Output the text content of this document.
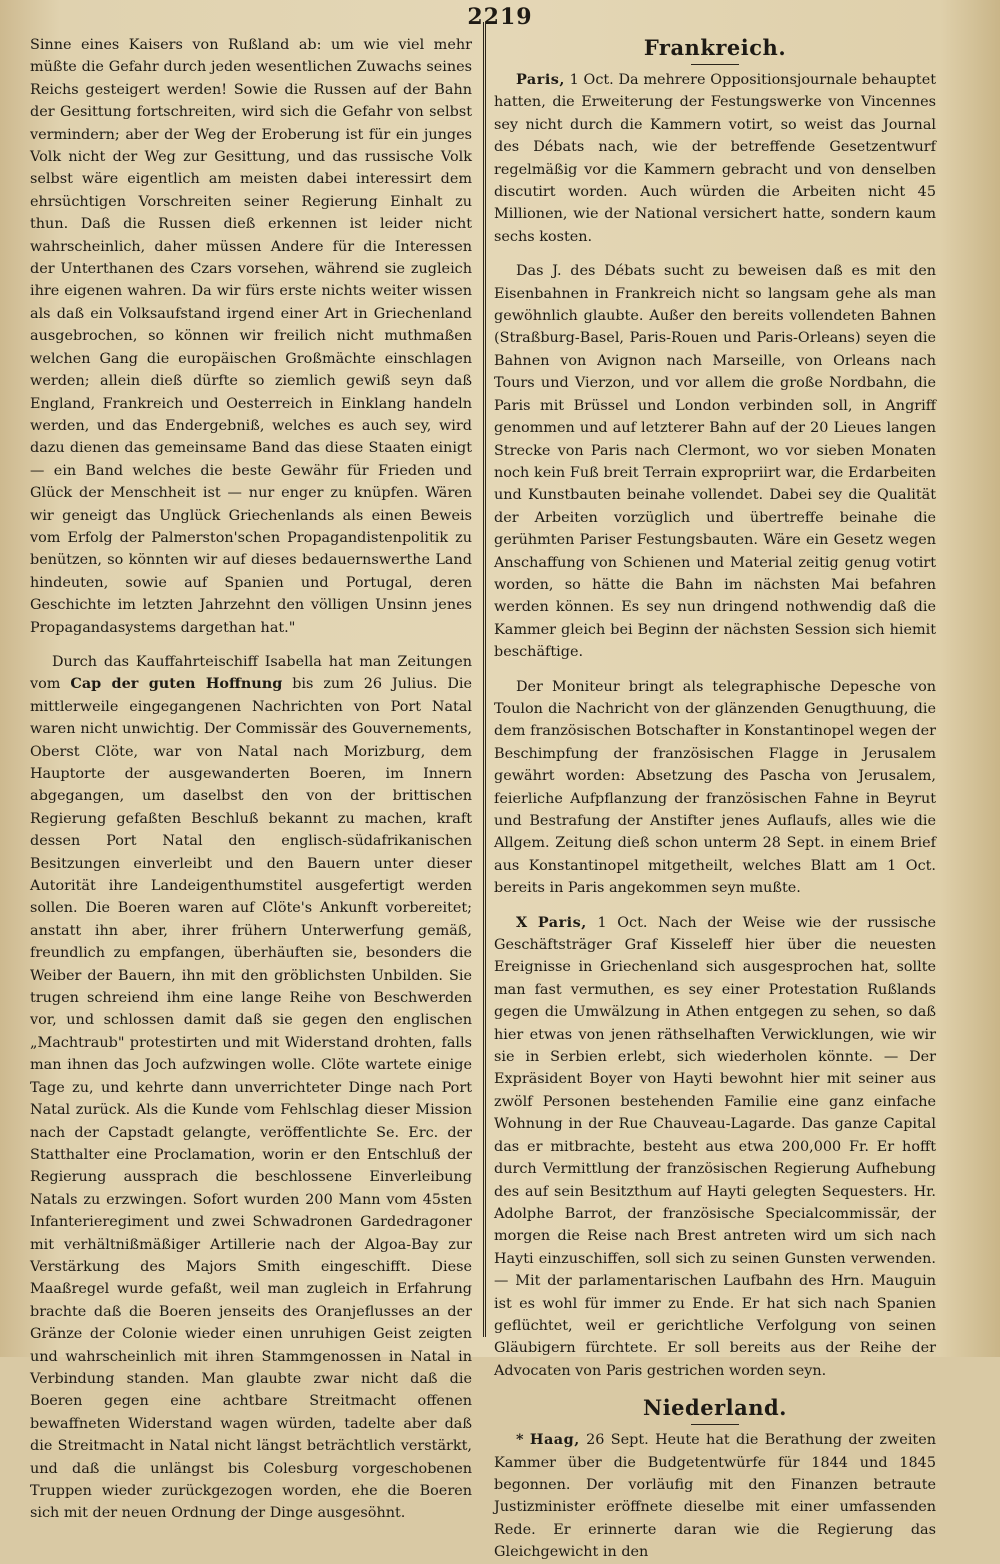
2219

Sinne eines Kaisers von Rußland ab: um wie viel mehr müßte die Gefahr durch jeden wesentlichen Zuwachs seines Reichs gesteigert werden! Sowie die Russen auf der Bahn der Gesittung fortschreiten, wird sich die Gefahr von selbst vermindern; aber der Weg der Eroberung ist für ein junges Volk nicht der Weg zur Gesittung, und das russische Volk selbst wäre eigentlich am meisten dabei interessirt dem ehrsüchtigen Vorschreiten seiner Regierung Einhalt zu thun. Daß die Russen dieß erkennen ist leider nicht wahrscheinlich, daher müssen Andere für die Interessen der Unterthanen des Czars vorsehen, während sie zugleich ihre eigenen wahren. Da wir fürs erste nichts weiter wissen als daß ein Volksaufstand irgend einer Art in Griechenland ausgebrochen, so können wir freilich nicht muthmaßen welchen Gang die europäischen Großmächte einschlagen werden; allein dieß dürfte so ziemlich gewiß seyn daß England, Frankreich und Oesterreich in Einklang handeln werden, und das Endergebniß, welches es auch sey, wird dazu dienen das gemeinsame Band das diese Staaten einigt — ein Band welches die beste Gewähr für Frieden und Glück der Menschheit ist — nur enger zu knüpfen. Wären wir geneigt das Unglück Griechenlands als einen Beweis vom Erfolg der Palmerston'schen Propagandistenpolitik zu benützen, so könnten wir auf dieses bedauernswerthe Land hindeuten, sowie auf Spanien und Portugal, deren Geschichte im letzten Jahrzehnt den völligen Unsinn jenes Propagandasystems dargethan hat."

Durch das Kauffahrteischiff Isabella hat man Zeitungen vom Cap der guten Hoffnung bis zum 26 Julius. Die mittlerweile eingegangenen Nachrichten von Port Natal waren nicht unwichtig. Der Commissär des Gouvernements, Oberst Clöte, war von Natal nach Morizburg, dem Hauptorte der ausgewanderten Boeren, im Innern abgegangen, um daselbst den von der brittischen Regierung gefaßten Beschluß bekannt zu machen, kraft dessen Port Natal den englisch-südafrikanischen Besitzungen einverleibt und den Bauern unter dieser Autorität ihre Landeigenthumstitel ausgefertigt werden sollen. Die Boeren waren auf Clöte's Ankunft vorbereitet; anstatt ihn aber, ihrer frühern Unterwerfung gemäß, freundlich zu empfangen, überhäuften sie, besonders die Weiber der Bauern, ihn mit den gröblichsten Unbilden. Sie trugen schreiend ihm eine lange Reihe von Beschwerden vor, und schlossen damit daß sie gegen den englischen „Machtraub" protestirten und mit Widerstand drohten, falls man ihnen das Joch aufzwingen wolle. Clöte wartete einige Tage zu, und kehrte dann unverrichteter Dinge nach Port Natal zurück. Als die Kunde vom Fehlschlag dieser Mission nach der Capstadt gelangte, veröffentlichte Se. Erc. der Statthalter eine Proclamation, worin er den Entschluß der Regierung aussprach die beschlossene Einverleibung Natals zu erzwingen. Sofort wurden 200 Mann vom 45sten Infanterieregiment und zwei Schwadronen Gardedragoner mit verhältnißmäßiger Artillerie nach der Algoa-Bay zur Verstärkung des Majors Smith eingeschifft. Diese Maaßregel wurde gefaßt, weil man zugleich in Erfahrung brachte daß die Boeren jenseits des Oranjeflusses an der Gränze der Colonie wieder einen unruhigen Geist zeigten und wahrscheinlich mit ihren Stammgenossen in Natal in Verbindung standen. Man glaubte zwar nicht daß die Boeren gegen eine achtbare Streitmacht offenen bewaffneten Widerstand wagen würden, tadelte aber daß die Streitmacht in Natal nicht längst beträchtlich verstärkt, und daß die unlängst bis Colesburg vorgeschobenen Truppen wieder zurückgezogen worden, ehe die Boeren sich mit der neuen Ordnung der Dinge ausgesöhnt.

Frankreich.

Paris, 1 Oct. Da mehrere Oppositionsjournale behauptet hatten, die Erweiterung der Festungswerke von Vincennes sey nicht durch die Kammern votirt, so weist das Journal des Débats nach, wie der betreffende Gesetzentwurf regelmäßig vor die Kammern gebracht und von denselben discutirt worden. Auch würden die Arbeiten nicht 45 Millionen, wie der National versichert hatte, sondern kaum sechs kosten.

Das J. des Débats sucht zu beweisen daß es mit den Eisenbahnen in Frankreich nicht so langsam gehe als man gewöhnlich glaubte. Außer den bereits vollendeten Bahnen (Straßburg-Basel, Paris-Rouen und Paris-Orleans) seyen die Bahnen von Avignon nach Marseille, von Orleans nach Tours und Vierzon, und vor allem die große Nordbahn, die Paris mit Brüssel und London verbinden soll, in Angriff genommen und auf letzterer Bahn auf der 20 Lieues langen Strecke von Paris nach Clermont, wo vor sieben Monaten noch kein Fuß breit Terrain expropriirt war, die Erdarbeiten und Kunstbauten beinahe vollendet. Dabei sey die Qualität der Arbeiten vorzüglich und übertreffe beinahe die gerühmten Pariser Festungsbauten. Wäre ein Gesetz wegen Anschaffung von Schienen und Material zeitig genug votirt worden, so hätte die Bahn im nächsten Mai befahren werden können. Es sey nun dringend nothwendig daß die Kammer gleich bei Beginn der nächsten Session sich hiemit beschäftige.

Der Moniteur bringt als telegraphische Depesche von Toulon die Nachricht von der glänzenden Genugthuung, die dem französischen Botschafter in Konstantinopel wegen der Beschimpfung der französischen Flagge in Jerusalem gewährt worden: Absetzung des Pascha von Jerusalem, feierliche Aufpflanzung der französischen Fahne in Beyrut und Bestrafung der Anstifter jenes Auflaufs, alles wie die Allgem. Zeitung dieß schon unterm 28 Sept. in einem Brief aus Konstantinopel mitgetheilt, welches Blatt am 1 Oct. bereits in Paris angekommen seyn mußte.

X Paris, 1 Oct. Nach der Weise wie der russische Geschäftsträger Graf Kisseleff hier über die neuesten Ereignisse in Griechenland sich ausgesprochen hat, sollte man fast vermuthen, es sey einer Protestation Rußlands gegen die Umwälzung in Athen entgegen zu sehen, so daß hier etwas von jenen räthselhaften Verwicklungen, wie wir sie in Serbien erlebt, sich wiederholen könnte. — Der Expräsident Boyer von Hayti bewohnt hier mit seiner aus zwölf Personen bestehenden Familie eine ganz einfache Wohnung in der Rue Chauveau-Lagarde. Das ganze Capital das er mitbrachte, besteht aus etwa 200,000 Fr. Er hofft durch Vermittlung der französischen Regierung Aufhebung des auf sein Besitzthum auf Hayti gelegten Sequesters. Hr. Adolphe Barrot, der französische Specialcommissär, der morgen die Reise nach Brest antreten wird um sich nach Hayti einzuschiffen, soll sich zu seinen Gunsten verwenden. — Mit der parlamentarischen Laufbahn des Hrn. Mauguin ist es wohl für immer zu Ende. Er hat sich nach Spanien geflüchtet, weil er gerichtliche Verfolgung von seinen Gläubigern fürchtete. Er soll bereits aus der Reihe der Advocaten von Paris gestrichen worden seyn.

Niederland.

* Haag, 26 Sept. Heute hat die Berathung der zweiten Kammer über die Budgetentwürfe für 1844 und 1845 begonnen. Der vorläufig mit den Finanzen betraute Justizminister eröffnete dieselbe mit einer umfassenden Rede. Er erinnerte daran wie die Regierung das Gleichgewicht in den
